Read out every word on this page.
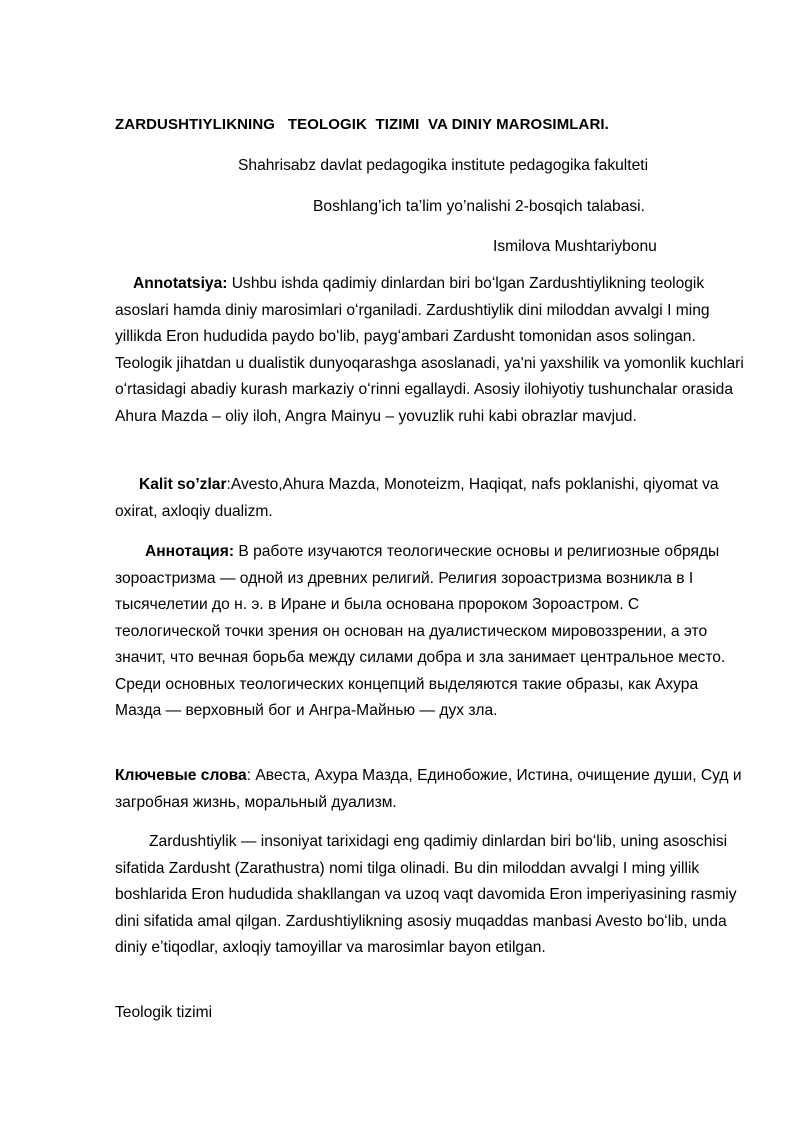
ZARDUSHTIYLIKNING   TEOLOGIK  TIZIMI  VA DINIY MAROSIMLARI.
Shahrisabz davlat pedagogika institute pedagogika fakulteti
Boshlang’ich ta’lim yo’nalishi 2-bosqich talabasi.
Ismilova Mushtariybonu

Annotatsiya: Ushbu ishda qadimiy dinlardan biri boʻlgan Zardushtiylikning teologik asoslari hamda diniy marosimlari oʻrganiladi. Zardushtiylik dini miloddan avvalgi I ming yillikda Eron hududida paydo boʻlib, paygʻambari Zardusht tomonidan asos solingan. Teologik jihatdan u dualistik dunyoqarashga asoslanadi, ya'ni yaxshilik va yomonlik kuchlari oʻrtasidagi abadiy kurash markaziy oʻrinni egallaydi. Asosiy ilohiyotiy tushunchalar orasida Ahura Mazda – oliy iloh, Angra Mainyu – yovuzlik ruhi kabi obrazlar mavjud.

Kalit so’zlar:Avesto,Ahura Mazda, Monoteizm, Haqiqat, nafs poklanishi, qiyomat va oxirat, axloqiy dualizm.

Аннотация: В работе изучаются теологические основы и религиозные обряды зороастризма — одной из древних религий. Религия зороастризма возникла в I тысячелетии до н. э. в Иране и была основана пророком Зороастром. С теологической точки зрения он основан на дуалистическом мировоззрении, а это значит, что вечная борьба между силами добра и зла занимает центральное место. Среди основных теологических концепций выделяются такие образы, как Ахура Мазда — верховный бог и Ангра-Майнью — дух зла.

Ключевые слова: Авеста, Ахура Мазда, Единобожие, Истина, очищение души, Суд и загробная жизнь, моральный дуализм.

Zardushtiylik — insoniyat tarixidagi eng qadimiy dinlardan biri boʻlib, uning asoschisi sifatida Zardusht (Zarathustra) nomi tilga olinadi. Bu din miloddan avvalgi I ming yillik boshlarida Eron hududida shakllangan va uzoq vaqt davomida Eron imperiyasining rasmiy dini sifatida amal qilgan. Zardushtiylikning asosiy muqaddas manbasi Avesto boʻlib, unda diniy eʼtiqodlar, axloqiy tamoyillar va marosimlar bayon etilgan.

Teologik tizimi
